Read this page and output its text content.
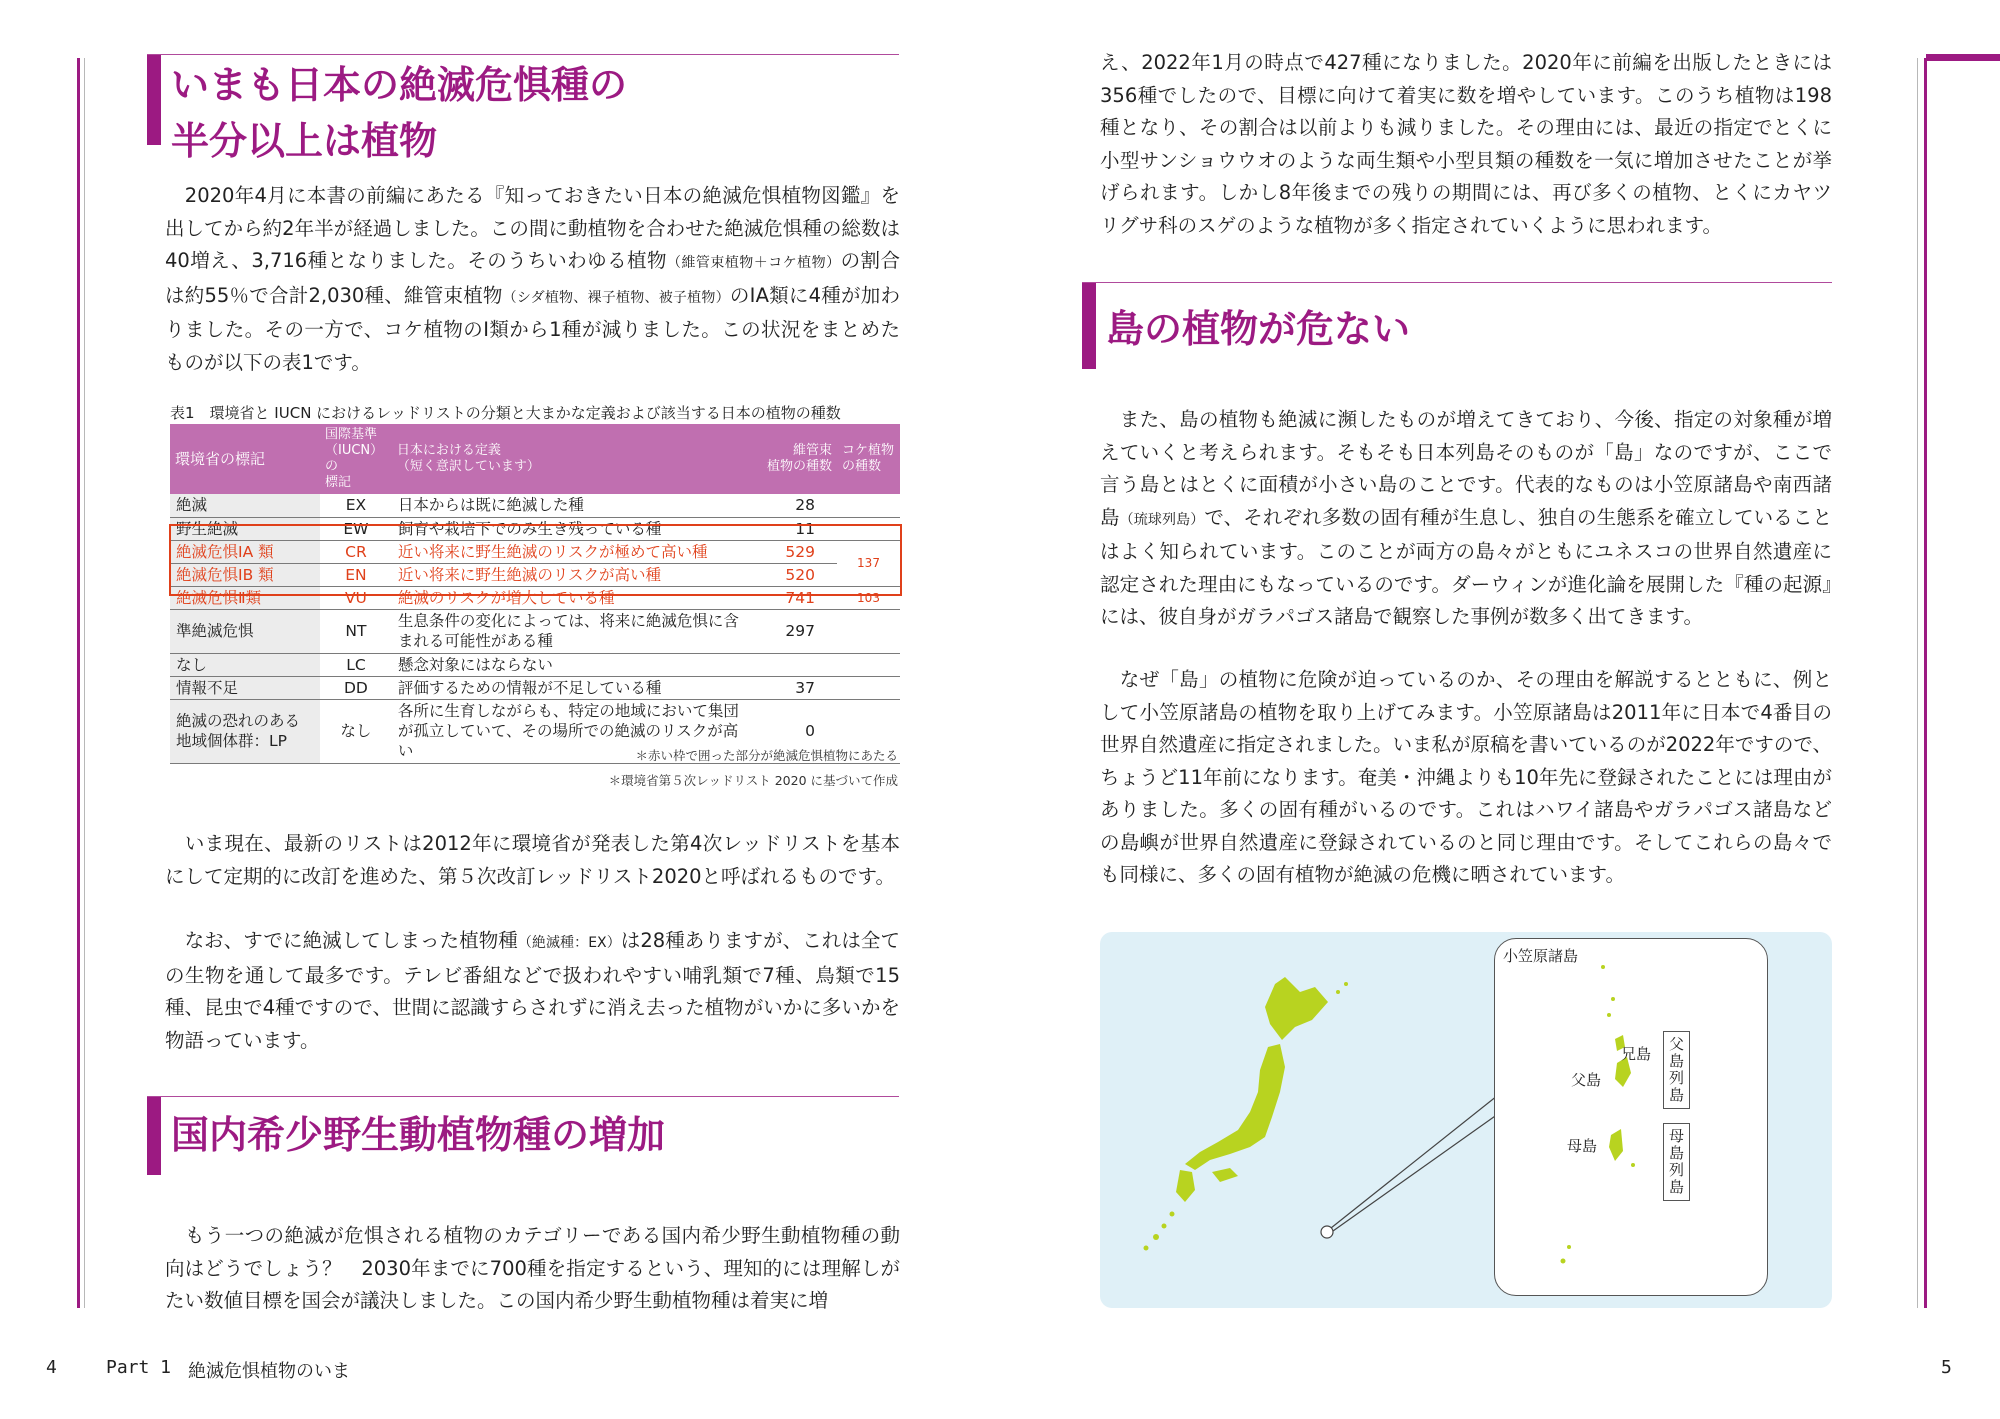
いまも日本の絶滅危惧種の
半分以上は植物

　2020年4月に本書の前編にあたる『知っておきたい日本の絶滅危惧植物図鑑』を出してから約2年半が経過しました。この間に動植物を合わせた絶滅危惧種の総数は40増え、3,716種となりました。そのうちいわゆる植物（維管束植物＋コケ植物）の割合は約55％で合計2,030種、維管束植物（シダ植物、裸子植物、被子植物）のⅠA類に4種が加わりました。その一方で、コケ植物のⅠ類から1種が減りました。この状況をまとめたものが以下の表1です。

表1　環境省と IUCN におけるレッドリストの分類と大まかな定義および該当する日本の植物の種数
環境省の標記	国際基準
（IUCN）の
標記	日本における定義
（短く意訳しています）	維管束
植物の種数	コケ植物
の種数
絶滅	EX	日本からは既に絶滅した種	28	
野生絶滅	EW	飼育や栽培下でのみ生き残っている種	11	
絶滅危惧ⅠA 類	CR	近い将来に野生絶滅のリスクが極めて高い種	529	137
絶滅危惧ⅠB 類	EN	近い将来に野生絶滅のリスクが高い種	520	
絶滅危惧Ⅱ類	VU	絶滅のリスクが増大している種	741	103
準絶滅危惧	NT	生息条件の変化によっては、将来に絶滅危惧に含まれる可能性がある種	297	
なし	LC	懸念対象にはならない		
情報不足	DD	評価するための情報が不足している種	37	
絶滅の恐れのある地域個体群：LP	なし	各所に生育しながらも、特定の地域において集団が孤立していて、その場所での絶滅のリスクが高い	0	
＊赤い枠で囲った部分が絶滅危惧植物にあたる
＊環境省第５次レッドリスト 2020 に基づいて作成

　いま現在、最新のリストは2012年に環境省が発表した第4次レッドリストを基本にして定期的に改訂を進めた、第５次改訂レッドリスト2020と呼ばれるものです。

　なお、すでに絶滅してしまった植物種（絶滅種：EX）は28種ありますが、これは全ての生物を通して最多です。テレビ番組などで扱われやすい哺乳類で7種、鳥類で15種、昆虫で4種ですので、世間に認識すらされずに消え去った植物がいかに多いかを物語っています。

国内希少野生動植物種の増加

　もう一つの絶滅が危惧される植物のカテゴリーである国内希少野生動植物種の動向はどうでしょう？　2030年までに700種を指定するという、理知的には理解しがたい数値目標を国会が議決しました。この国内希少野生動植物種は着実に増

え、2022年1月の時点で427種になりました。2020年に前編を出版したときには356種でしたので、目標に向けて着実に数を増やしています。このうち植物は198種となり、その割合は以前よりも減りました。その理由には、最近の指定でとくに小型サンショウウオのような両生類や小型貝類の種数を一気に増加させたことが挙げられます。しかし8年後までの残りの期間には、再び多くの植物、とくにカヤツリグサ科のスゲのような植物が多く指定されていくように思われます。

島の植物が危ない

　また、島の植物も絶滅に瀕したものが増えてきており、今後、指定の対象種が増えていくと考えられます。そもそも日本列島そのものが「島」なのですが、ここで言う島とはとくに面積が小さい島のことです。代表的なものは小笠原諸島や南西諸島（琉球列島）で、それぞれ多数の固有種が生息し、独自の生態系を確立していることはよく知られています。このことが両方の島々がともにユネスコの世界自然遺産に認定された理由にもなっているのです。ダーウィンが進化論を展開した『種の起源』には、彼自身がガラパゴス諸島で観察した事例が数多く出てきます。

　なぜ「島」の植物に危険が迫っているのか、その理由を解説するとともに、例として小笠原諸島の植物を取り上げてみます。小笠原諸島は2011年に日本で4番目の世界自然遺産に指定されました。いま私が原稿を書いているのが2022年ですので、ちょうど11年前になります。奄美・沖縄よりも10年先に登録されたことには理由がありました。多くの固有種がいるのです。これはハワイ諸島やガラパゴス諸島などの島嶼が世界自然遺産に登録されているのと同じ理由です。そしてこれらの島々でも同様に、多くの固有植物が絶滅の危機に晒されています。

小笠原諸島
兄島
父島
母島
父島列島
母島列島
4	Part 1 絶滅危惧植物のいま	5
